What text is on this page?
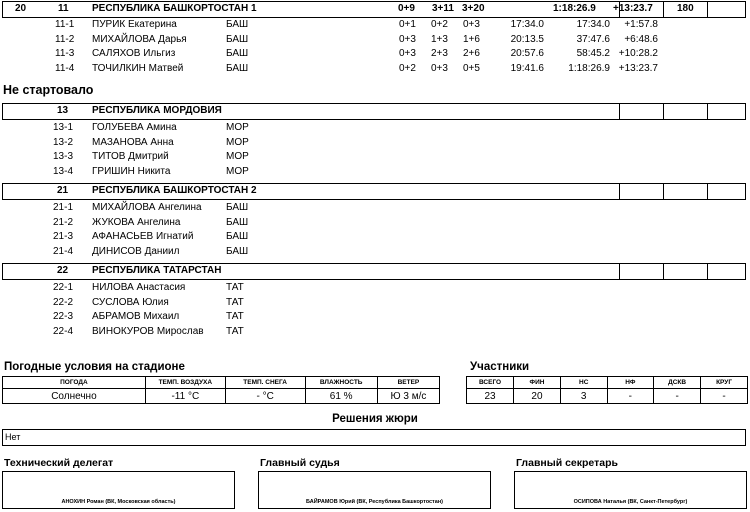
20	11 РЕСПУБЛИКА БАШКОРТОСТАН 1	0+9 3+11 3+20	1:18:26.9 +13:23.7 180
11-1 ПУРИК Екатерина	БАШ	0+1 0+2 0+3	17:34.0	17:34.0 +1:57.8
11-2 МИХАЙЛОВА Дарья	БАШ	0+3 1+3 1+6	20:13.5	37:47.6 +6:48.6
11-3 САЛЯХОВ Ильгиз	БАШ	0+3 2+3 2+6	20:57.6	58:45.2 +10:28.2
11-4 ТОЧИЛКИН Матвей	БАШ	0+2 0+3 0+5	19:41.6 1:18:26.9 +13:23.7
Не стартовало
13 РЕСПУБЛИКА МОРДОВИЯ
13-1 ГОЛУБЕВА Амина	МОР
13-2 МАЗАНОВА Анна	МОР
13-3 ТИТОВ Дмитрий	МОР
13-4 ГРИШИН Никита	МОР
21 РЕСПУБЛИКА БАШКОРТОСТАН 2
21-1 МИХАЙЛОВА Ангелина БАШ
21-2 ЖУКОВА Ангелина	БАШ
21-3 АФАНАСЬЕВ Игнатий	БАШ
21-4 ДИНИСОВ Даниил	БАШ
22 РЕСПУБЛИКА ТАТАРСТАН
22-1 НИЛОВА Анастасия	ТАТ
22-2 СУСЛОВА Юлия	ТАТ
22-3 АБРАМОВ Михаил	ТАТ
22-4 ВИНОКУРОВ Мирослав ТАТ
Погодные условия на стадионе
ПОГОДА	ТЕМП. ВОЗДУХА	ТЕМП. СНЕГА	ВЛАЖНОСТЬ	ВЕТЕР
Солнечно	-11 °C	- °C	61 %	Ю 3 м/с
Участники
ВСЕГО	ФИН	НС	НФ	ДСКВ	КРУГ
23	20	3	-	-	-
Решения жюри
Нет
Технический делегат	Главный судья	Главный секретарь
АНОХИН Роман (ВК, Московская область)	БАЙРАМОВ Юрий (ВК, Республика Башкортостан)	ОСИПОВА Наталья (ВК, Санкт-Петербург)
